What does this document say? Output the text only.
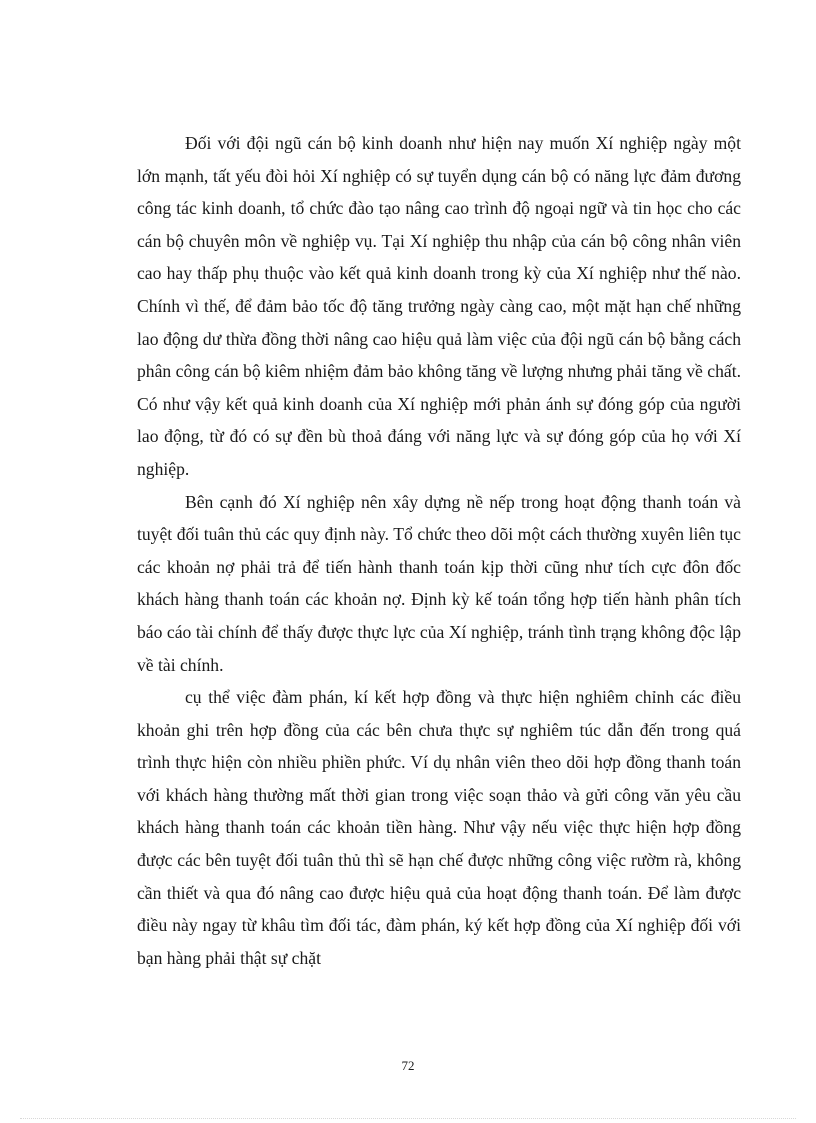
Đối với đội ngũ cán bộ kinh doanh như hiện nay muốn Xí nghiệp ngày một lớn mạnh, tất yếu đòi hỏi Xí nghiệp có sự tuyển dụng cán bộ có năng lực đảm đương công tác kinh doanh, tổ chức đào tạo nâng cao trình độ ngoại ngữ và tin học cho các cán bộ chuyên môn về nghiệp vụ. Tại Xí nghiệp thu nhập của cán bộ công nhân viên cao hay thấp phụ thuộc vào kết quả kinh doanh trong kỳ của Xí nghiệp như thế nào. Chính vì thế, để đảm bảo tốc độ tăng trưởng ngày càng cao, một mặt hạn chế những lao động dư thừa đồng thời nâng cao hiệu quả làm việc của đội ngũ cán bộ bằng cách phân công cán bộ kiêm nhiệm đảm bảo không tăng về lượng nhưng phải tăng về chất. Có như vậy kết quả kinh doanh của Xí nghiệp mới phản ánh sự đóng góp của người lao động, từ đó có sự đền bù thoả đáng với năng lực và sự đóng góp của họ với Xí nghiệp.

Bên cạnh đó Xí nghiệp nên xây dựng nề nếp trong hoạt động thanh toán và tuyệt đối tuân thủ các quy định này. Tổ chức theo dõi một cách thường xuyên liên tục các khoản nợ phải trả để tiến hành thanh toán kịp thời cũng như tích cực đôn đốc khách hàng thanh toán các khoản nợ. Định kỳ kế toán tổng hợp tiến hành phân tích báo cáo tài chính để thấy được thực lực của Xí nghiệp, tránh tình trạng không độc lập về tài chính.

cụ thể việc đàm phán, kí kết hợp đồng và thực hiện nghiêm chỉnh các điều khoản ghi trên hợp đồng của các bên chưa thực sự nghiêm túc dẫn đến trong quá trình thực hiện còn nhiều phiền phức. Ví dụ nhân viên theo dõi hợp đồng thanh toán với khách hàng thường mất thời gian trong việc soạn thảo và gửi công văn yêu cầu khách hàng thanh toán các khoản tiền hàng. Như vậy nếu việc thực hiện hợp đồng được các bên tuyệt đối tuân thủ thì sẽ hạn chế được những công việc rườm rà, không cần thiết và qua đó nâng cao được hiệu quả của hoạt động thanh toán. Để làm được điều này ngay từ khâu tìm đối tác, đàm phán, ký kết hợp đồng của Xí nghiệp đối với bạn hàng phải thật sự chặt

72
